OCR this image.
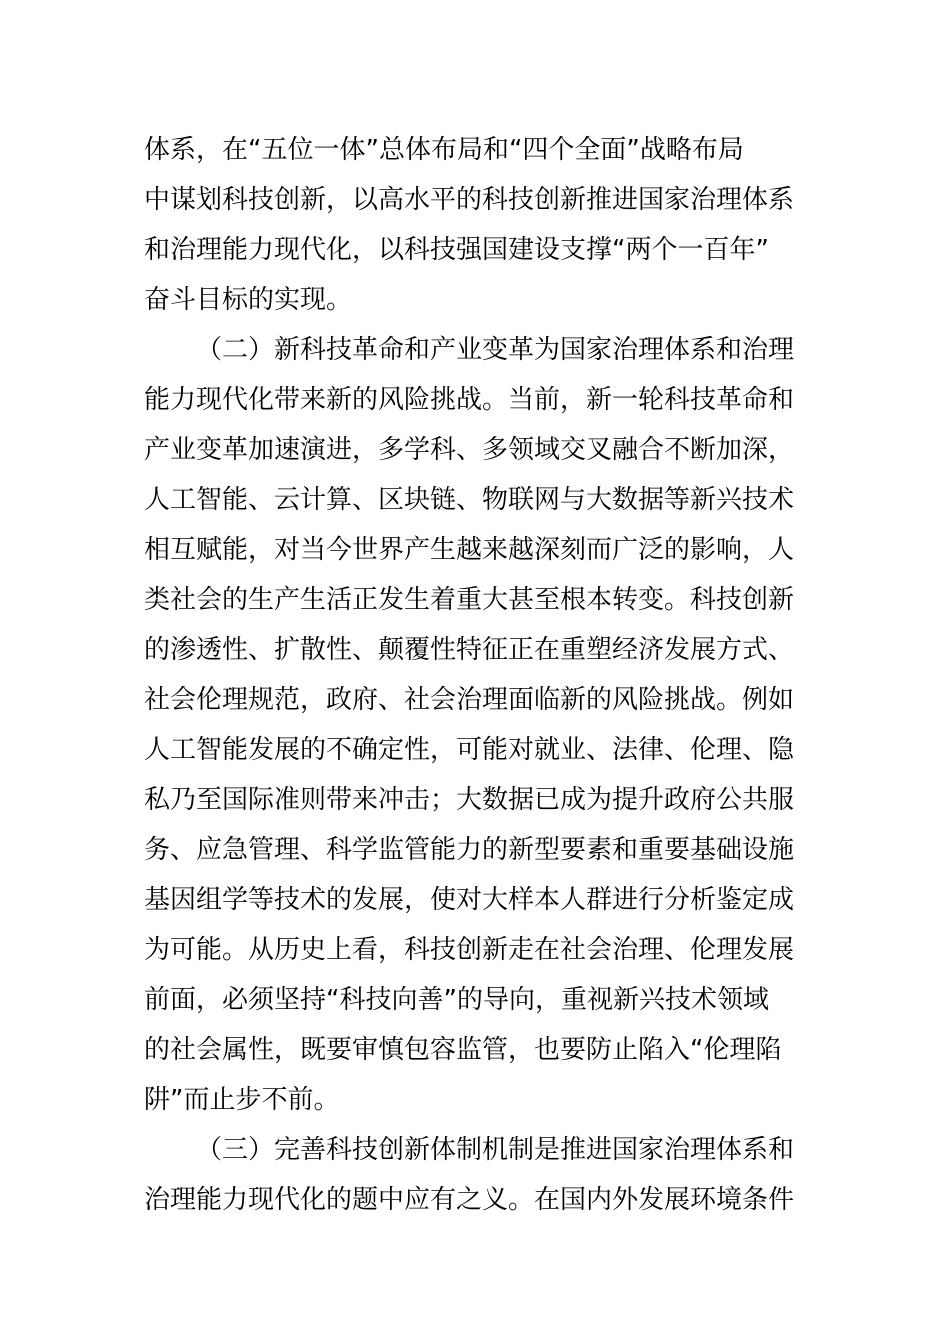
体系，在“五位一体”总体布局和“四个全面”战略布局
中谋划科技创新，以高水平的科技创新推进国家治理体系
和治理能力现代化，以科技强国建设支撑“两个一百年”
奋斗目标的实现。
（二）新科技革命和产业变革为国家治理体系和治理
能力现代化带来新的风险挑战。当前，新一轮科技革命和
产业变革加速演进，多学科、多领域交叉融合不断加深，
人工智能、云计算、区块链、物联网与大数据等新兴技术
相互赋能，对当今世界产生越来越深刻而广泛的影响，人
类社会的生产生活正发生着重大甚至根本转变。科技创新
的渗透性、扩散性、颠覆性特征正在重塑经济发展方式、
社会伦理规范，政府、社会治理面临新的风险挑战。例如
人工智能发展的不确定性，可能对就业、法律、伦理、隐
私乃至国际准则带来冲击；大数据已成为提升政府公共服
务、应急管理、科学监管能力的新型要素和重要基础设施
基因组学等技术的发展，使对大样本人群进行分析鉴定成
为可能。从历史上看，科技创新走在社会治理、伦理发展
前面，必须坚持“科技向善”的导向，重视新兴技术领域
的社会属性，既要审慎包容监管，也要防止陷入“伦理陷
阱”而止步不前。
（三）完善科技创新体制机制是推进国家治理体系和
治理能力现代化的题中应有之义。在国内外发展环境条件
